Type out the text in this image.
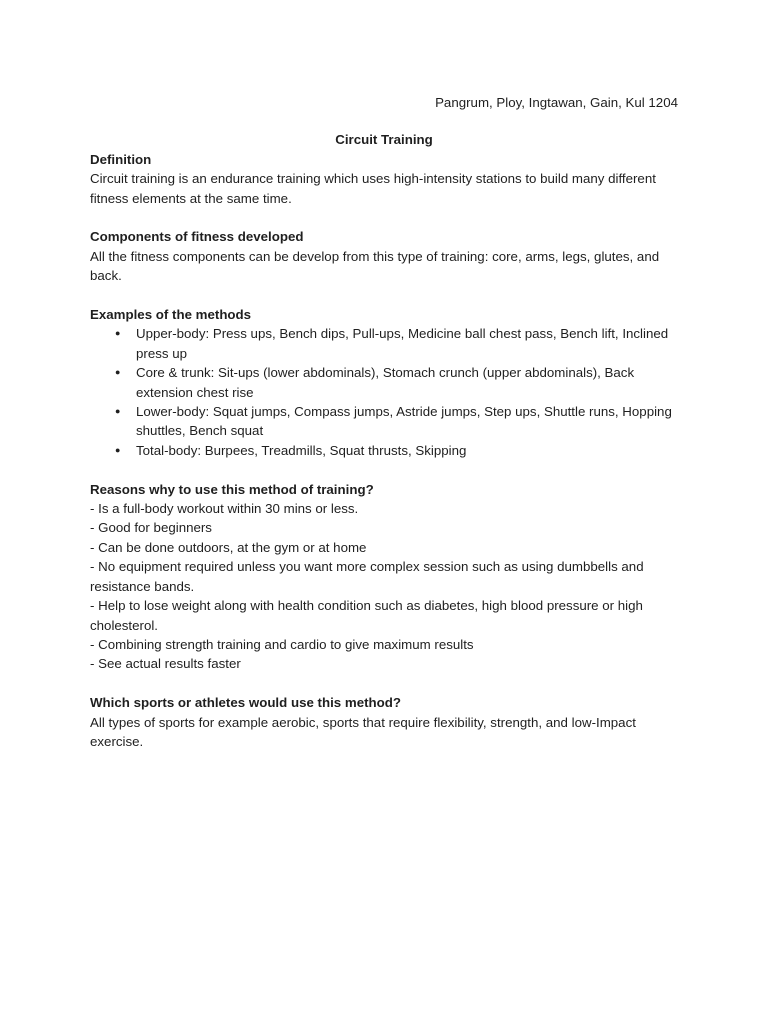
Pangrum, Ploy, Ingtawan, Gain, Kul 1204

Circuit Training

Definition

Circuit training is an endurance training which uses high-intensity stations to build many different fitness elements at the same time.

Components of fitness developed

All the fitness components can be develop from this type of training: core, arms, legs, glutes, and back.

Examples of the methods

● Upper-body: Press ups, Bench dips, Pull-ups, Medicine ball chest pass, Bench lift, Inclined press up
● Core & trunk: Sit-ups (lower abdominals), Stomach crunch (upper abdominals), Back extension chest rise
● Lower-body: Squat jumps, Compass jumps, Astride jumps, Step ups, Shuttle runs, Hopping shuttles, Bench squat
● Total-body: Burpees, Treadmills, Squat thrusts, Skipping

Reasons why to use this method of training?

- Is a full-body workout within 30 mins or less.

- Good for beginners

- Can be done outdoors, at the gym or at home

- No equipment required unless you want more complex session such as using dumbbells and resistance bands.

- Help to lose weight along with health condition such as diabetes, high blood pressure or high cholesterol.

- Combining strength training and cardio to give maximum results

- See actual results faster

Which sports or athletes would use this method?

All types of sports for example aerobic, sports that require flexibility, strength, and low-Impact exercise.
